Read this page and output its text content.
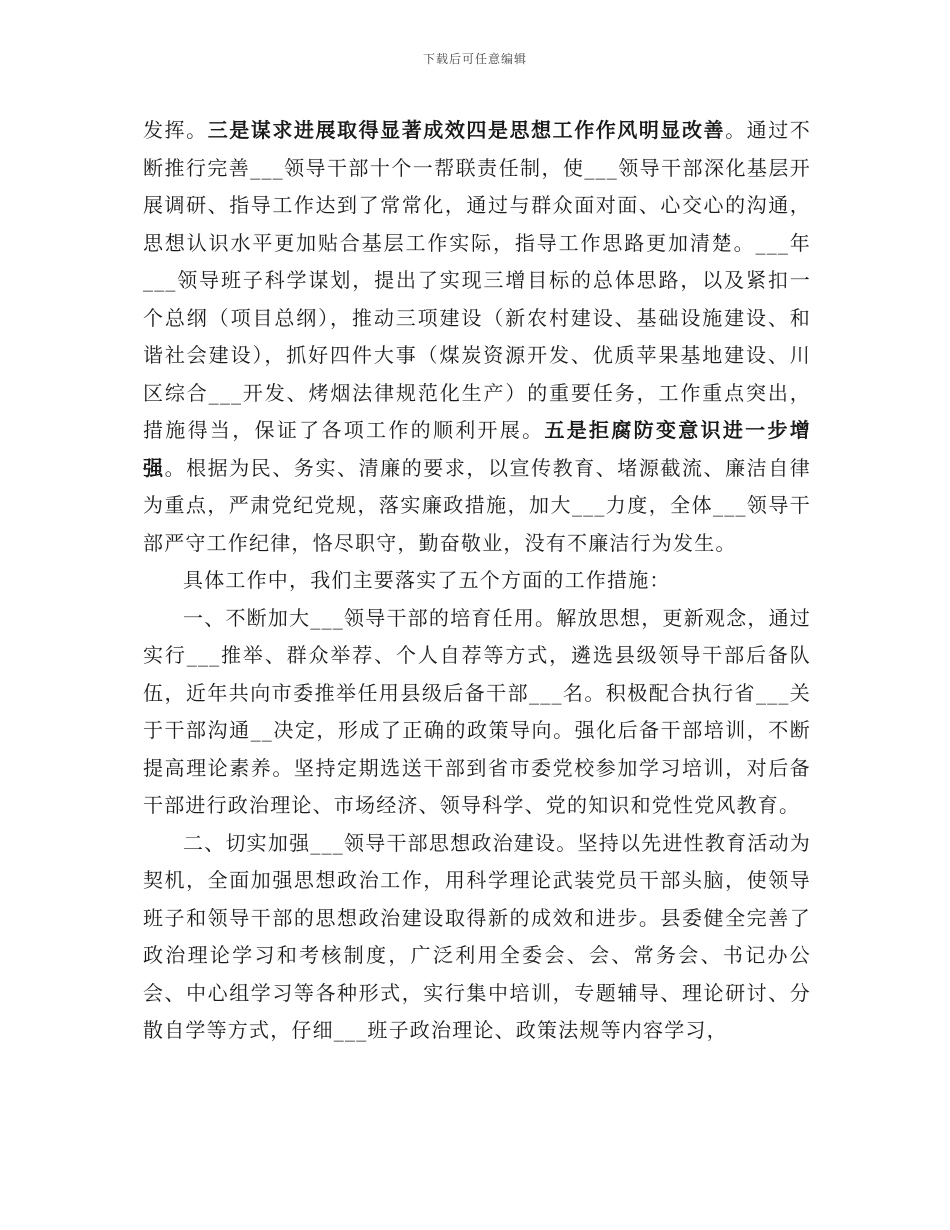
下载后可任意编辑

发挥。三是谋求进展取得显著成效四是思想工作作风明显改善。通过不断推行完善___领导干部十个一帮联责任制，使___领导干部深化基层开展调研、指导工作达到了常常化，通过与群众面对面、心交心的沟通，思想认识水平更加贴合基层工作实际，指导工作思路更加清楚。___年___领导班子科学谋划，提出了实现三增目标的总体思路，以及紧扣一个总纲（项目总纲），推动三项建设（新农村建设、基础设施建设、和谐社会建设），抓好四件大事（煤炭资源开发、优质苹果基地建设、川区综合___开发、烤烟法律规范化生产）的重要任务，工作重点突出，措施得当，保证了各项工作的顺利开展。五是拒腐防变意识进一步增强。根据为民、务实、清廉的要求，以宣传教育、堵源截流、廉洁自律为重点，严肃党纪党规，落实廉政措施，加大___力度，全体___领导干部严守工作纪律，恪尽职守，勤奋敬业，没有不廉洁行为发生。

具体工作中，我们主要落实了五个方面的工作措施：

一、不断加大___领导干部的培育任用。解放思想，更新观念，通过实行___推举、群众举荐、个人自荐等方式，遴选县级领导干部后备队伍，近年共向市委推举任用县级后备干部___名。积极配合执行省___关于干部沟通__决定，形成了正确的政策导向。强化后备干部培训，不断提高理论素养。坚持定期选送干部到省市委党校参加学习培训，对后备干部进行政治理论、市场经济、领导科学、党的知识和党性党风教育。

二、切实加强___领导干部思想政治建设。坚持以先进性教育活动为契机，全面加强思想政治工作，用科学理论武装党员干部头脑，使领导班子和领导干部的思想政治建设取得新的成效和进步。县委健全完善了政治理论学习和考核制度，广泛利用全委会、会、常务会、书记办公会、中心组学习等各种形式，实行集中培训，专题辅导、理论研讨、分散自学等方式，仔细___班子政治理论、政策法规等内容学习，
